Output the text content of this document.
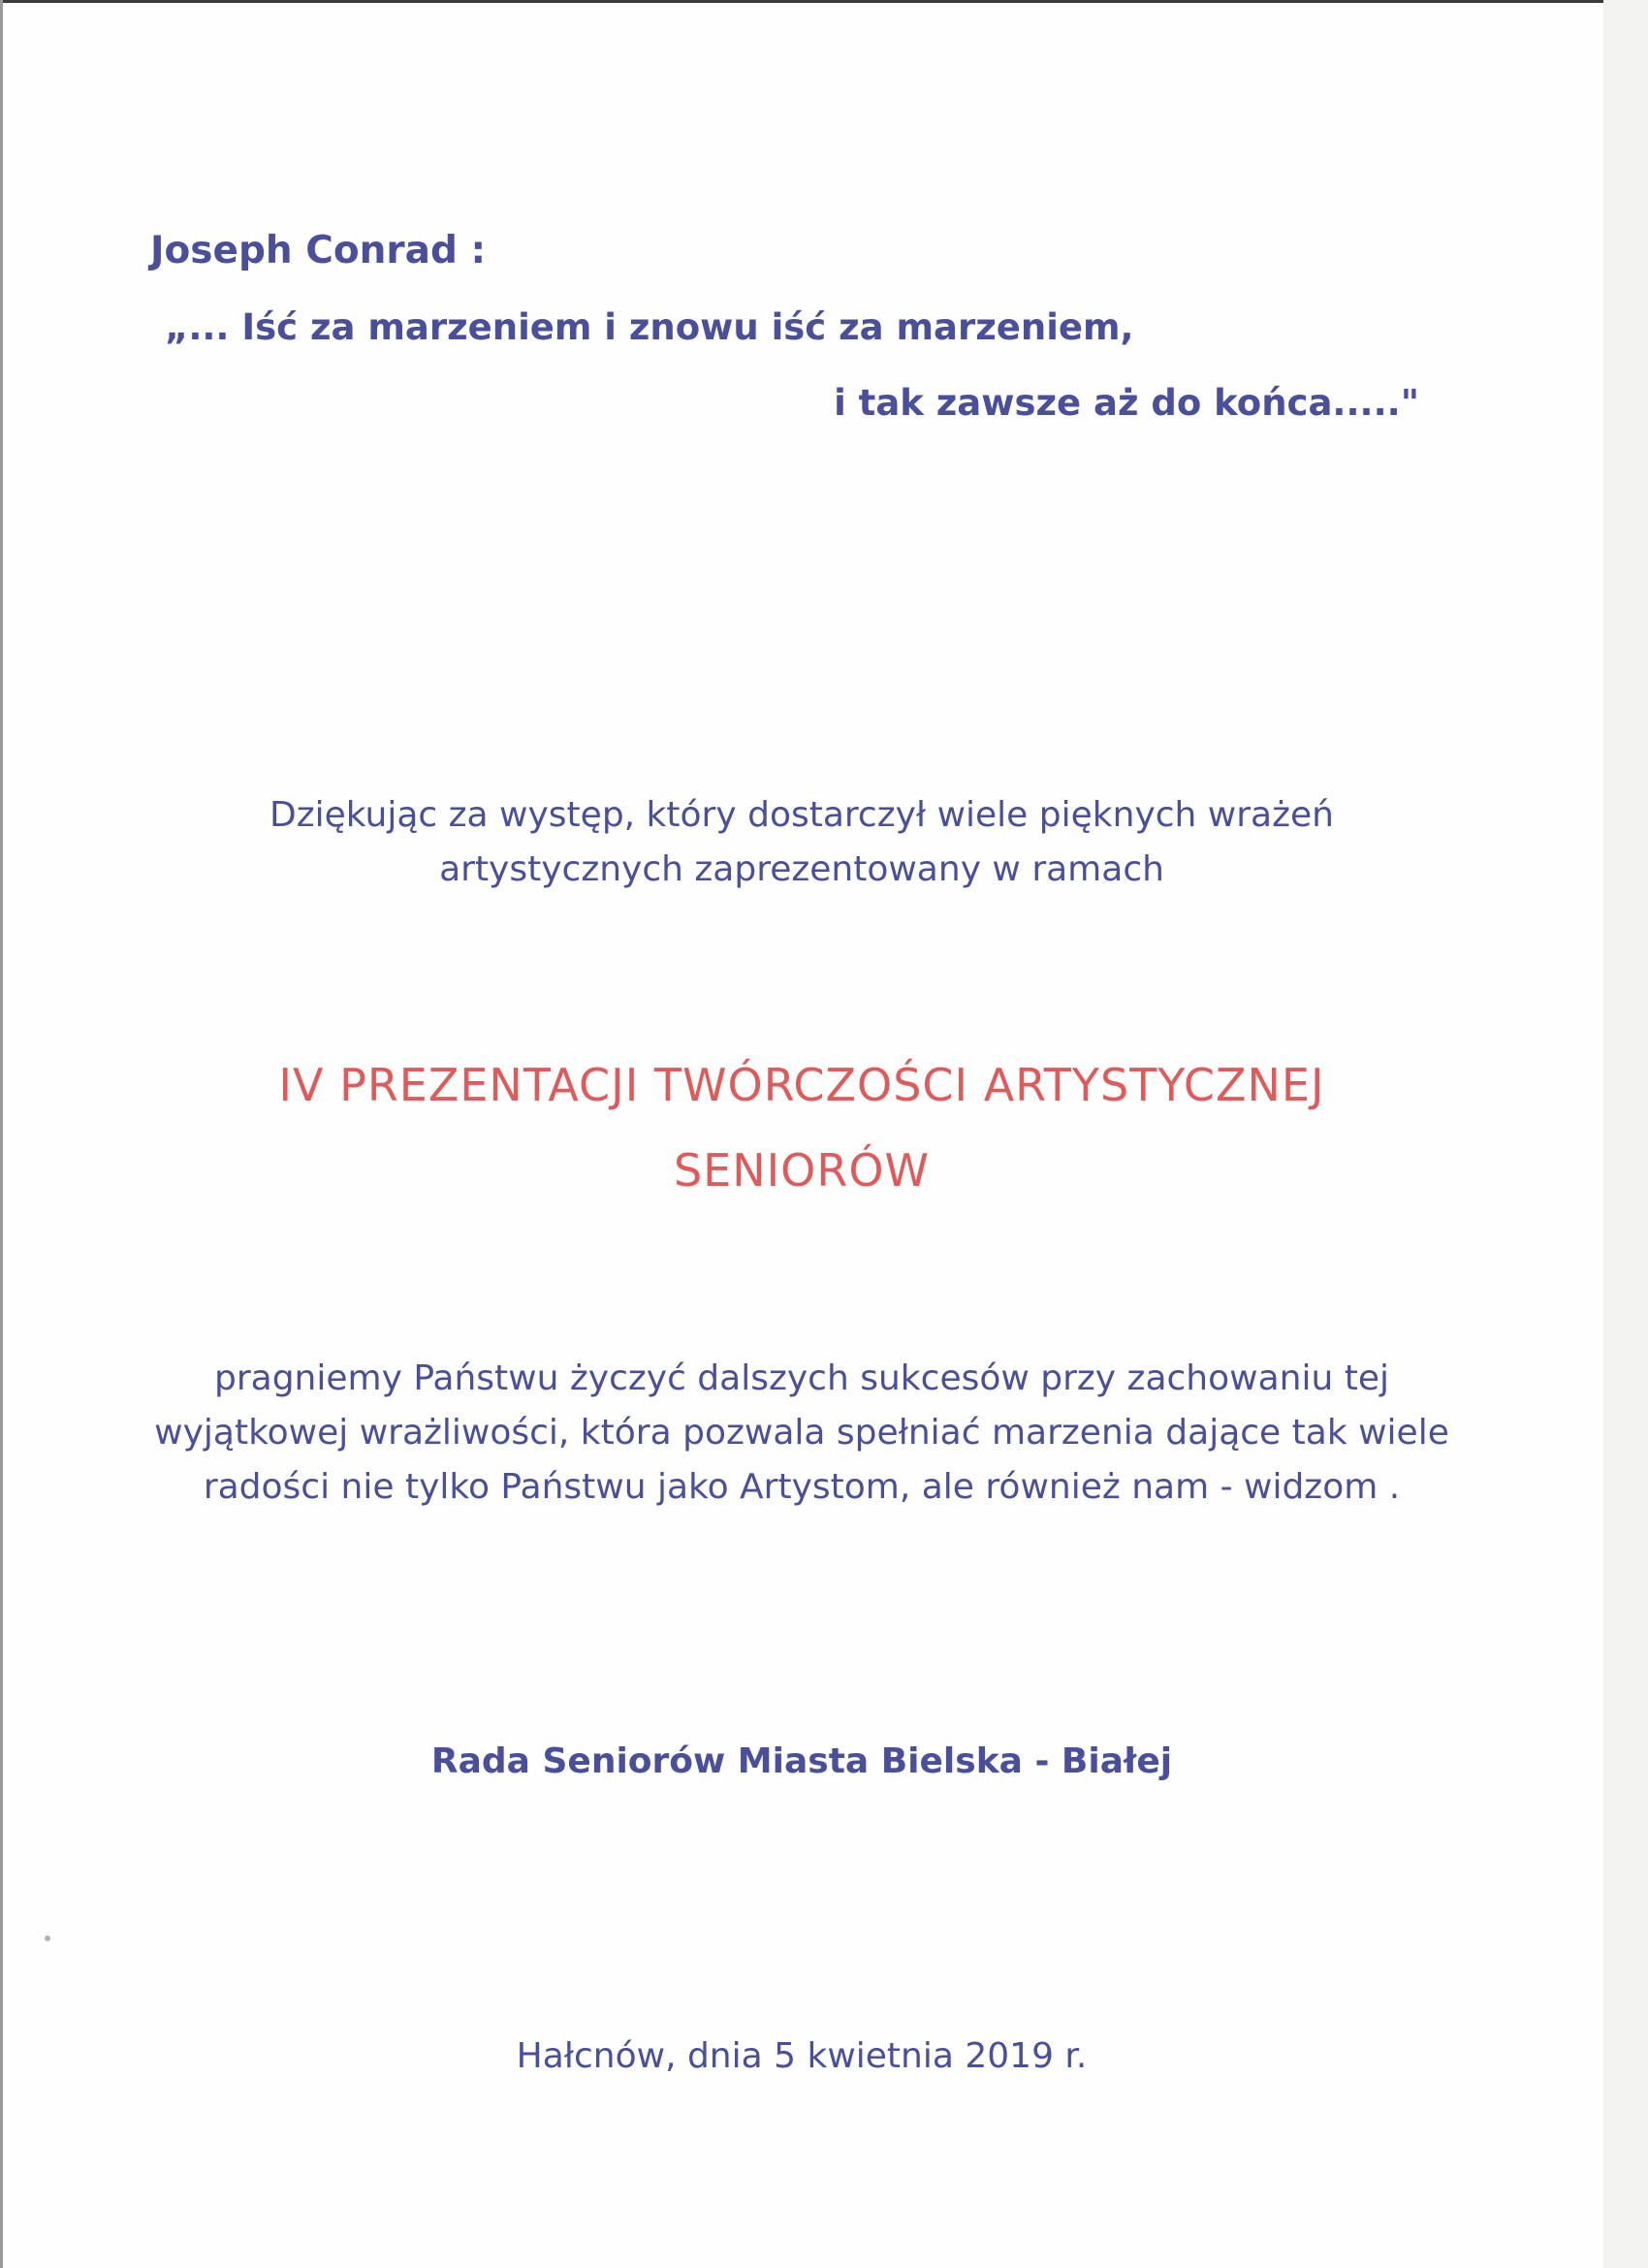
Joseph Conrad :

„... Iść za marzeniem i znowu iść za marzeniem,

i tak zawsze aż do końca....."

Dziękując za występ, który dostarczył wiele pięknych wrażeń

artystycznych zaprezentowany w ramach

IV PREZENTACJI TWÓRCZOŚCI ARTYSTYCZNEJ

SENIORÓW

pragniemy Państwu życzyć dalszych sukcesów przy zachowaniu tej

wyjątkowej wrażliwości, która pozwala spełniać marzenia dające tak wiele

radości nie tylko Państwu jako Artystom, ale również nam - widzom .

Rada Seniorów Miasta Bielska - Białej

Hałcnów, dnia 5 kwietnia 2019 r.
